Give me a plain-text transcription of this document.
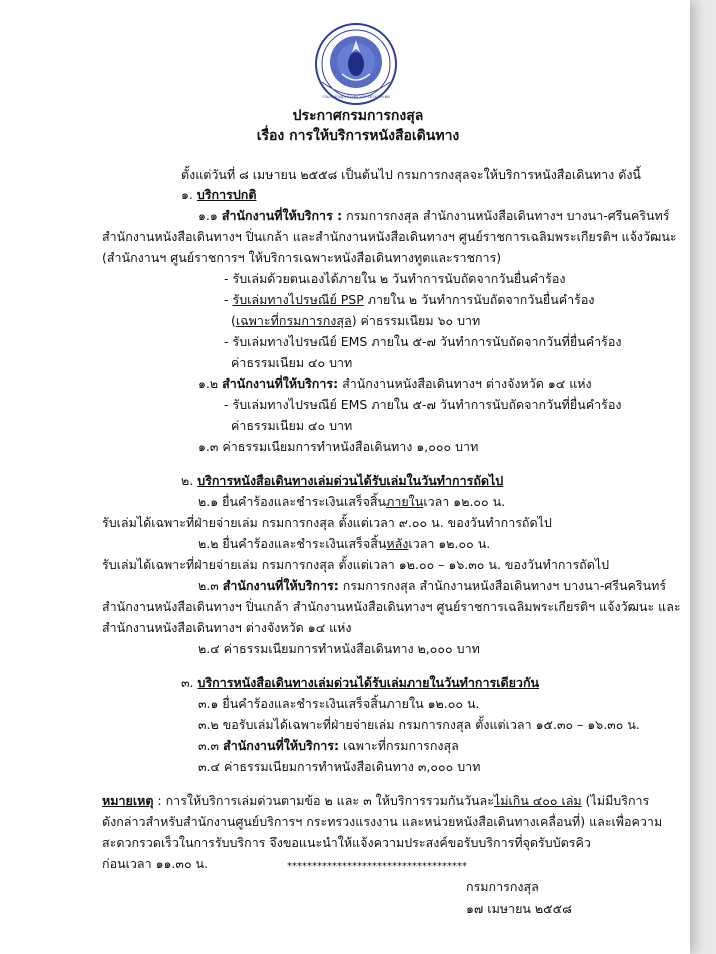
กรมการกงสุล กระทรวงการต่างประเทศ
ประกาศกรมการกงสุล
เรื่อง การให้บริการหนังสือเดินทาง
ตั้งแต่วันที่ ๘ เมษายน ๒๕๕๘ เป็นต้นไป กรมการกงสุลจะให้บริการหนังสือเดินทาง ดังนี้
๑. บริการปกติ
๑.๑ สำนักงานที่ให้บริการ : กรมการกงสุล สำนักงานหนังสือเดินทางฯ บางนา-ศรีนครินทร์
สำนักงานหนังสือเดินทางฯ ปิ่นเกล้า และสำนักงานหนังสือเดินทางฯ ศูนย์ราชการเฉลิมพระเกียรติฯ แจ้งวัฒนะ
(สำนักงานฯ ศูนย์ราชการฯ ให้บริการเฉพาะหนังสือเดินทางทูตและราชการ)
- รับเล่มด้วยตนเองได้ภายใน ๒ วันทำการนับถัดจากวันยื่นคำร้อง
- รับเล่มทางไปรษณีย์ PSP ภายใน ๒ วันทำการนับถัดจากวันยื่นคำร้อง
(เฉพาะที่กรมการกงสุล) ค่าธรรมเนียม ๖๐ บาท
- รับเล่มทางไปรษณีย์ EMS ภายใน ๕-๗ วันทำการนับถัดจากวันที่ยื่นคำร้อง
ค่าธรรมเนียม ๔๐ บาท
๑.๒ สำนักงานที่ให้บริการ: สำนักงานหนังสือเดินทางฯ ต่างจังหวัด ๑๔ แห่ง
- รับเล่มทางไปรษณีย์ EMS ภายใน ๕-๗ วันทำการนับถัดจากวันที่ยื่นคำร้อง
ค่าธรรมเนียม ๔๐ บาท
๑.๓ ค่าธรรมเนียมการทำหนังสือเดินทาง ๑,๐๐๐ บาท
๒. บริการหนังสือเดินทางเล่มด่วนได้รับเล่มในวันทำการถัดไป
๒.๑ ยื่นคำร้องและชำระเงินเสร็จสิ้นภายในเวลา ๑๒.๐๐ น.
รับเล่มได้เฉพาะที่ฝ่ายจ่ายเล่ม กรมการกงสุล ตั้งแต่เวลา ๙.๐๐ น. ของวันทำการถัดไป
๒.๒ ยื่นคำร้องและชำระเงินเสร็จสิ้นหลังเวลา ๑๒.๐๐ น.
รับเล่มได้เฉพาะที่ฝ่ายจ่ายเล่ม กรมการกงสุล ตั้งแต่เวลา ๑๒.๐๐ – ๑๖.๓๐ น. ของวันทำการถัดไป
๒.๓ สำนักงานที่ให้บริการ: กรมการกงสุล สำนักงานหนังสือเดินทางฯ บางนา-ศรีนครินทร์
สำนักงานหนังสือเดินทางฯ ปิ่นเกล้า สำนักงานหนังสือเดินทางฯ ศูนย์ราชการเฉลิมพระเกียรติฯ แจ้งวัฒนะ และ
สำนักงานหนังสือเดินทางฯ ต่างจังหวัด ๑๔ แห่ง
๒.๔ ค่าธรรมเนียมการทำหนังสือเดินทาง ๒,๐๐๐ บาท
๓. บริการหนังสือเดินทางเล่มด่วนได้รับเล่มภายในวันทำการเดียวกัน
๓.๑ ยื่นคำร้องและชำระเงินเสร็จสิ้นภายใน ๑๒.๐๐ น.
๓.๒ ขอรับเล่มได้เฉพาะที่ฝ่ายจ่ายเล่ม กรมการกงสุล ตั้งแต่เวลา ๑๕.๓๐ – ๑๖.๓๐ น.
๓.๓ สำนักงานที่ให้บริการ: เฉพาะที่กรมการกงสุล
๓.๔ ค่าธรรมเนียมการทำหนังสือเดินทาง ๓,๐๐๐ บาท
หมายเหตุ : การให้บริการเล่มด่วนตามข้อ ๒ และ ๓ ให้บริการรวมกันวันละไม่เกิน ๔๐๐ เล่ม (ไม่มีบริการ
ดังกล่าวสำหรับสำนักงานศูนย์บริการฯ กระทรวงแรงงาน และหน่วยหนังสือเดินทางเคลื่อนที่) และเพื่อความ
สะดวกรวดเร็วในการรับบริการ จึงขอแนะนำให้แจ้งความประสงค์ขอรับบริการที่จุดรับบัตรคิว
ก่อนเวลา ๑๑.๓๐ น.	************************************
กรมการกงสุล
๑๗ เมษายน ๒๕๕๘
